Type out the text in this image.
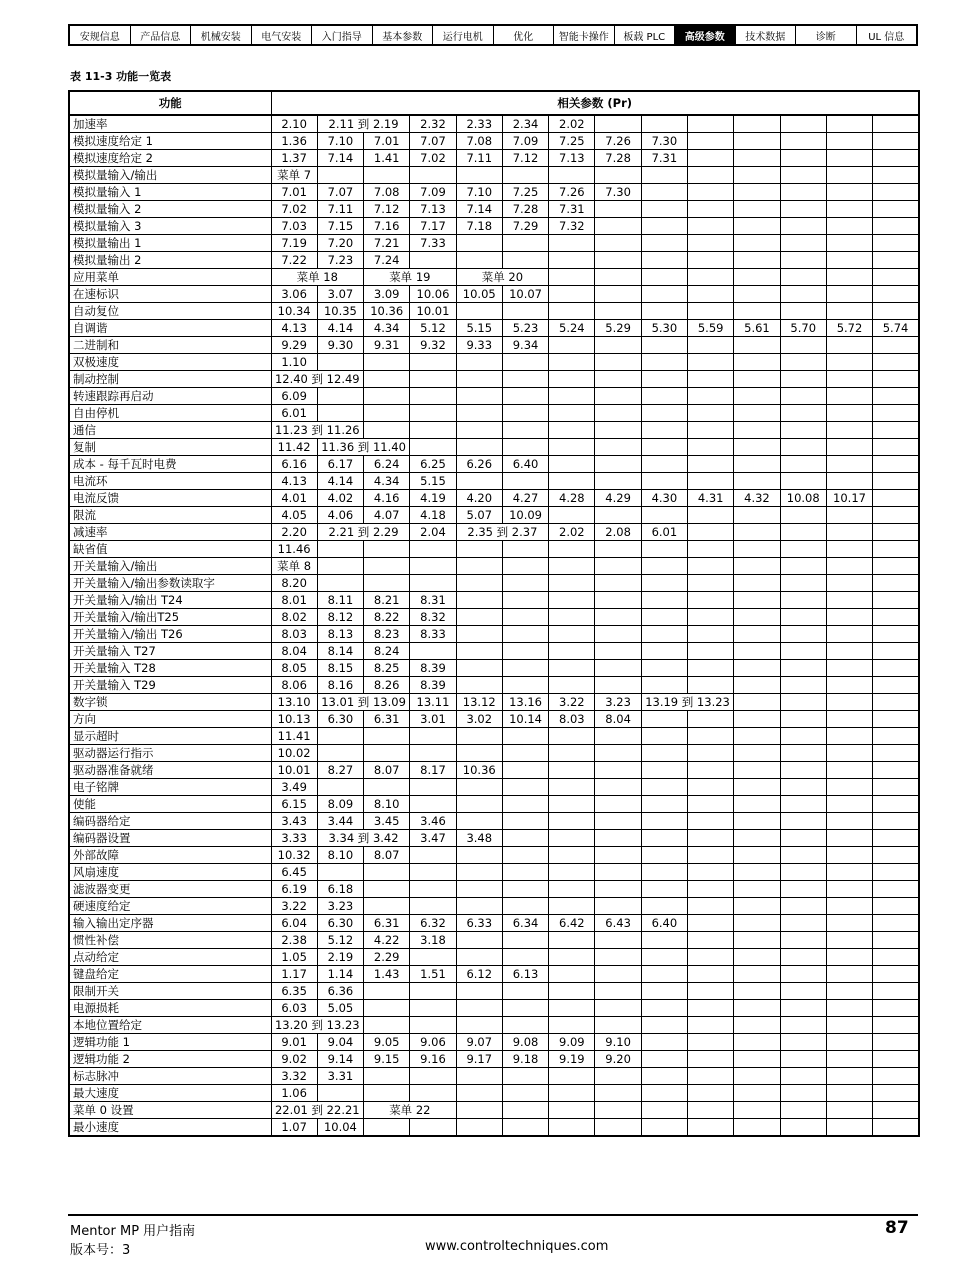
安规信息	产品信息	机械安装	电气安装	入门指导	基本参数	运行电机	优化	智能卡操作	板载 PLC	高级参数	技术数据	诊断	UL 信息
表 11-3 功能一览表
功能	相关参数 (Pr)													
加速率	2.10	2.11 到 2.19		2.32	2.33	2.34	2.02							
模拟速度给定 1	1.36	7.10	7.01	7.07	7.08	7.09	7.25	7.26	7.30					
模拟速度给定 2	1.37	7.14	1.41	7.02	7.11	7.12	7.13	7.28	7.31					
模拟量输入/输出	菜单 7													
模拟量输入 1	7.01	7.07	7.08	7.09	7.10	7.25	7.26	7.30						
模拟量输入 2	7.02	7.11	7.12	7.13	7.14	7.28	7.31							
模拟量输入 3	7.03	7.15	7.16	7.17	7.18	7.29	7.32							
模拟量输出 1	7.19	7.20	7.21	7.33										
模拟量输出 2	7.22	7.23	7.24											
应用菜单	菜单 18		菜单 19		菜单 20									
在速标识	3.06	3.07	3.09	10.06	10.05	10.07								
自动复位	10.34	10.35	10.36	10.01										
自调谐	4.13	4.14	4.34	5.12	5.15	5.23	5.24	5.29	5.30	5.59	5.61	5.70	5.72	5.74
二进制和	9.29	9.30	9.31	9.32	9.33	9.34								
双极速度	1.10													
制动控制	12.40 到 12.49													
转速跟踪再启动	6.09													
自由停机	6.01													
通信	11.23 到 11.26													
复制	11.42	11.36 到 11.40												
成本 - 每千瓦时电费	6.16	6.17	6.24	6.25	6.26	6.40								
电流环	4.13	4.14	4.34	5.15										
电流反馈	4.01	4.02	4.16	4.19	4.20	4.27	4.28	4.29	4.30	4.31	4.32	10.08	10.17	
限流	4.05	4.06	4.07	4.18	5.07	10.09								
减速率	2.20	2.21 到 2.29		2.04	2.35 到 2.37		2.02	2.08	6.01					
缺省值	11.46													
开关量输入/输出	菜单 8													
开关量输入/输出参数读取字	8.20													
开关量输入/输出 T24	8.01	8.11	8.21	8.31										
开关量输入/输出T25	8.02	8.12	8.22	8.32										
开关量输入/输出 T26	8.03	8.13	8.23	8.33										
开关量输入 T27	8.04	8.14	8.24											
开关量输入 T28	8.05	8.15	8.25	8.39										
开关量输入 T29	8.06	8.16	8.26	8.39										
数字锁	13.10	13.01 到 13.09		13.11	13.12	13.16	3.22	3.23	13.19 到 13.23					
方向	10.13	6.30	6.31	3.01	3.02	10.14	8.03	8.04						
显示超时	11.41													
驱动器运行指示	10.02													
驱动器准备就绪	10.01	8.27	8.07	8.17	10.36									
电子铭牌	3.49													
使能	6.15	8.09	8.10											
编码器给定	3.43	3.44	3.45	3.46										
编码器设置	3.33	3.34 到 3.42		3.47	3.48									
外部故障	10.32	8.10	8.07											
风扇速度	6.45													
滤波器变更	6.19	6.18												
硬速度给定	3.22	3.23												
输入输出定序器	6.04	6.30	6.31	6.32	6.33	6.34	6.42	6.43	6.40					
惯性补偿	2.38	5.12	4.22	3.18										
点动给定	1.05	2.19	2.29											
键盘给定	1.17	1.14	1.43	1.51	6.12	6.13								
限制开关	6.35	6.36												
电源损耗	6.03	5.05												
本地位置给定	13.20 到 13.23													
逻辑功能 1	9.01	9.04	9.05	9.06	9.07	9.08	9.09	9.10						
逻辑功能 2	9.02	9.14	9.15	9.16	9.17	9.18	9.19	9.20						
标志脉冲	3.32	3.31												
最大速度	1.06													
菜单 0 设置	22.01 到 22.21		菜单 22											
最小速度	1.07	10.04												
Mentor MP 用户指南
版本号：3	www.controltechniques.com
87
